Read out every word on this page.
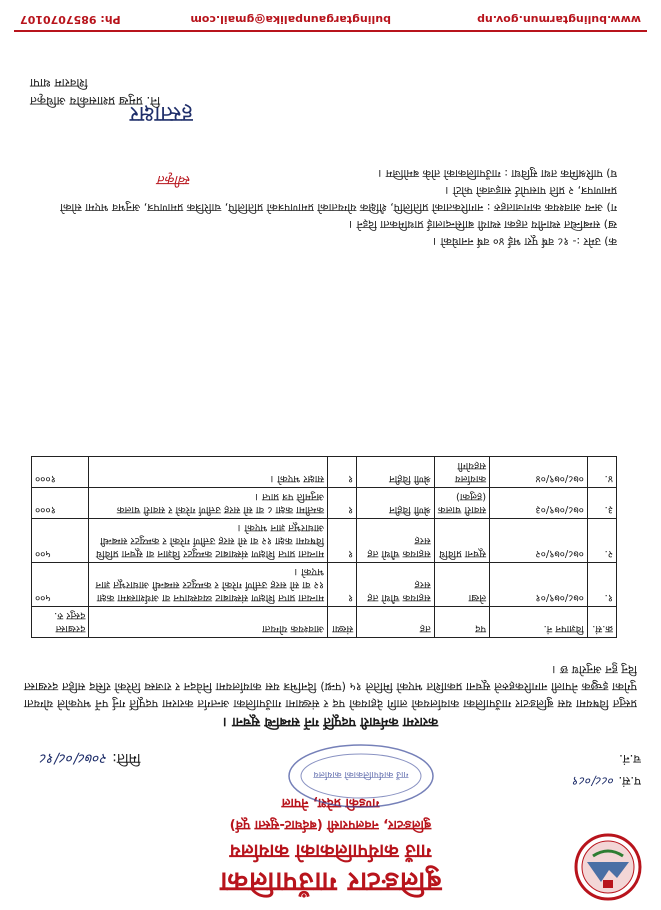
बुलिङटार गाउँपालिका
गाउँ कार्यपालिकाको कार्यालय
बुलिङटार, नवलपरासी (बर्दघाट-सुस्ता पूर्व)
गण्डकी प्रदेश, नेपाल
गाउँ कार्यपालिकाको कार्यालय	प.सं. ०८८/०८९
च.नं.
मिति: २०७८/०८/१८
करारमा कर्मचारी पदपूर्ति गर्ने सम्बन्धि सूचना ।
प्रस्तुत विषयमा यस बुलिङटार गाउँपालिका कार्यालयको लागि देहायको पद र संख्यामा गाउँपालिका अन्तर्गत करारमा पदपूर्ति गर्नु पर्ने भएकोले योग्यता पुगेका इच्छुक नेपाली नागरिकहरुले सूचना प्रकाशित भएको मितिले १५ (पन्ध्र) दिनभित्र यस कार्यालयमा निवेदन र राजस्व तिरेको रसिद सहित दरखास्त दिनु हुन अनुरोध छ ।
क्र.सं.	विज्ञापन नं.	पद	तह	संख्या	आवश्यक योग्यता	दरखास्त दस्तुर रु.
१.	०७८/०७९/०१	लेखा	सहायक चौथो तह सरह	१	मान्यता प्राप्त शिक्षण संस्थाबाट व्यवस्थापन वा अर्थशास्त्रमा कक्षा १२ वा सो सरह उत्तीर्ण गरेको र कम्प्युटर सम्बन्धी आधारभूत ज्ञान भएको ।	५००
२.	०७८/०७९/०२	सूचना प्रविधि	सहायक चौथो तह सरह	१	मान्यता प्राप्त शिक्षण संस्थाबाट कम्प्युटर विज्ञान वा सूचना प्रविधि विषयमा कक्षा १२ वा सो सरह उत्तीर्ण गरेको र कम्प्युटर सम्बन्धी आधारभूत ज्ञान भएको ।	५००
३.	०७८/०७९/०३	सवारी चालक (हलुका)	श्रेणी विहीन	१	कम्तीमा कक्षा ८ वा सो सरह उत्तीर्ण गरेको र सवारी चालक अनुमति पत्र प्राप्त ।	१०००
४.	०७८/०७९/०४	कार्यालय सहयोगी	श्रेणी विहीन	१	साक्षर भएको ।	१०००

क) उमेर :- १८ वर्ष पूरा भई ४० वर्ष ननाघेको ।

ख) सम्बन्धित स्थानीय तहका स्थायी बासिन्दालाई प्राथमिकता दिइने ।

ग) अन्य आवश्यक कागजातहरु : नागरिकताको प्रतिलिपि, शैक्षिक योग्यताको प्रमाणपत्रको प्रतिलिपि, चारित्रिक प्रमाणपत्र, अनुभव भएमा सोको प्रमाणपत्र, २ प्रति पासपोर्ट साइजको फोटो ।

घ) पारिश्रमिक तथा सुविधा : गाउँपालिकाको तोके बमोजिम ।

स्वीकृत
हस्ताक्षर
नि. प्रमुख प्रशासकीय अधिकृत
शिवराम थापा
www.bulingtarmun.gov.np
bulingtargaunpalika@gmail.com
Ph: 9857070107
